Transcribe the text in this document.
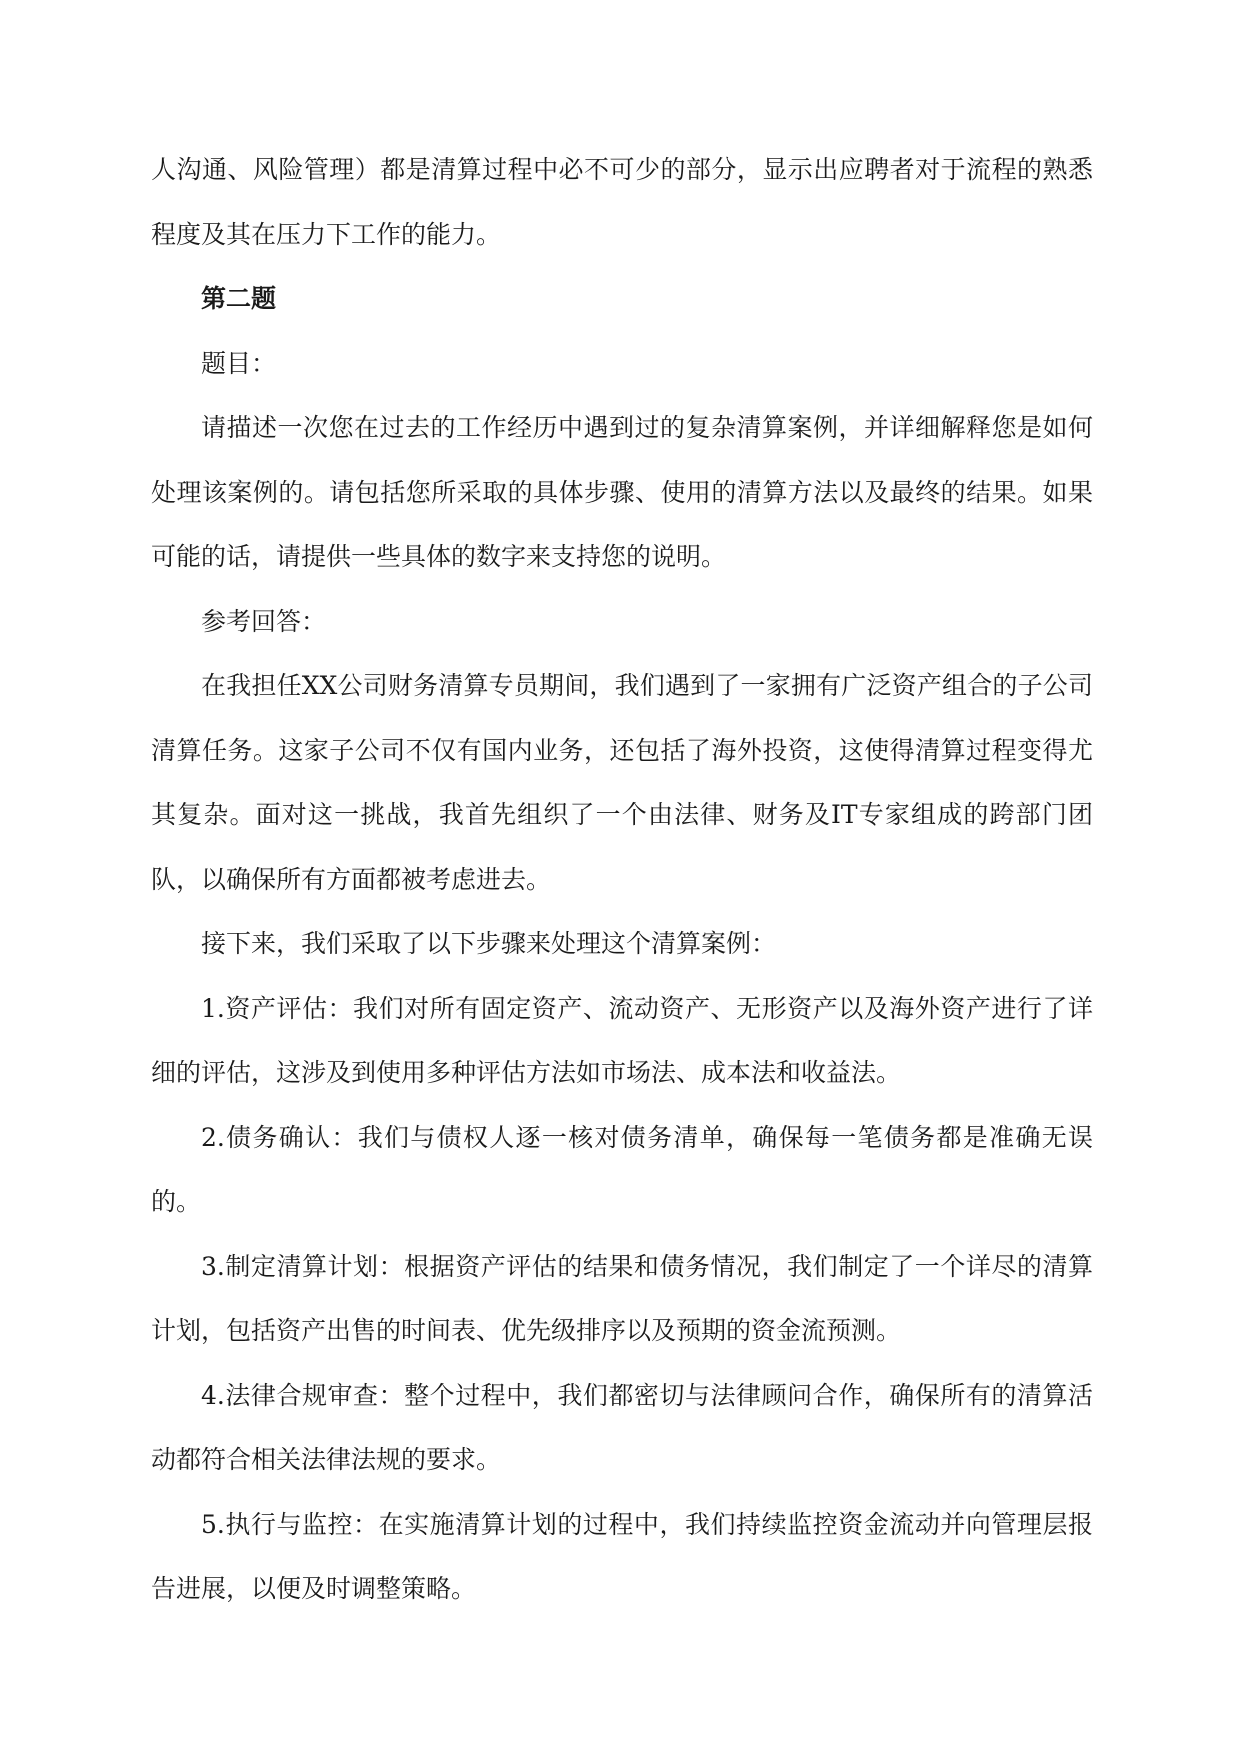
人沟通、风险管理）都是清算过程中必不可少的部分，显示出应聘者对于流程的熟悉程度及其在压力下工作的能力。

第二题

题目：

请描述一次您在过去的工作经历中遇到过的复杂清算案例，并详细解释您是如何处理该案例的。请包括您所采取的具体步骤、使用的清算方法以及最终的结果。如果可能的话，请提供一些具体的数字来支持您的说明。

参考回答：

在我担任XX公司财务清算专员期间，我们遇到了一家拥有广泛资产组合的子公司清算任务。这家子公司不仅有国内业务，还包括了海外投资，这使得清算过程变得尤其复杂。面对这一挑战，我首先组织了一个由法律、财务及IT专家组成的跨部门团队，以确保所有方面都被考虑进去。

接下来，我们采取了以下步骤来处理这个清算案例：

1.资产评估：我们对所有固定资产、流动资产、无形资产以及海外资产进行了详细的评估，这涉及到使用多种评估方法如市场法、成本法和收益法。

2.债务确认：我们与债权人逐一核对债务清单，确保每一笔债务都是准确无误的。

3.制定清算计划：根据资产评估的结果和债务情况，我们制定了一个详尽的清算计划，包括资产出售的时间表、优先级排序以及预期的资金流预测。

4.法律合规审查：整个过程中，我们都密切与法律顾问合作，确保所有的清算活动都符合相关法律法规的要求。

5.执行与监控：在实施清算计划的过程中，我们持续监控资金流动并向管理层报告进展，以便及时调整策略。
